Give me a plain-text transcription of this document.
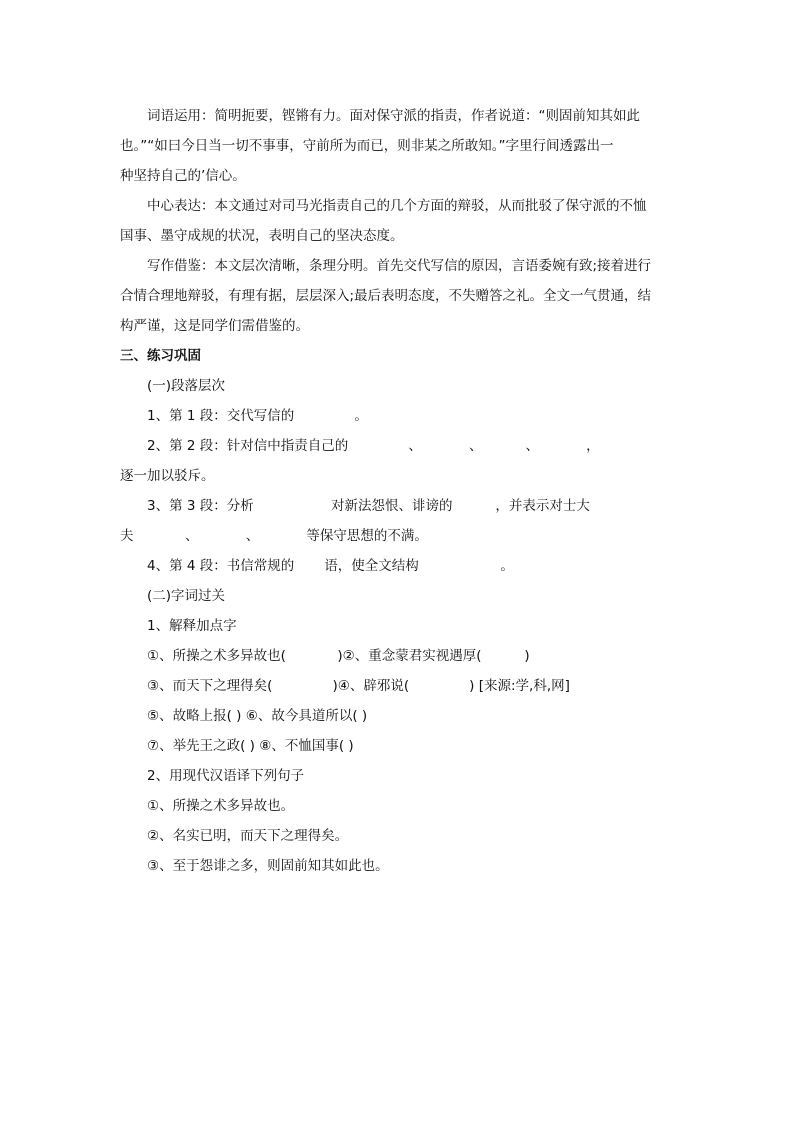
词语运用：简明扼要，铿锵有力。面对保守派的指责，作者说道：“则固前知其如此
也。”“如曰今日当一切不事事，守前所为而已，则非某之所敢知。”字里行间透露出一
种坚持自己的’信心。
中心表达：本文通过对司马光指责自己的几个方面的辩驳，从而批驳了保守派的不恤
国事、墨守成规的状况，表明自己的坚决态度。
写作借鉴：本文层次清晰，条理分明。首先交代写信的原因，言语委婉有致;接着进行
合情合理地辩驳，有理有据，层层深入;最后表明态度，不失赠答之礼。全文一气贯通，结
构严谨，这是同学们需借鉴的。
三、练习巩固
(一)段落层次
1、第 1 段：交代写信的              。
2、第 2 段：针对信中指责自己的              、           、          、           ，
逐一加以驳斥。
3、第 3 段：分析                  对新法怨恨、诽谤的          ，并表示对士大
夫            、           、           等保守思想的不满。
4、第 4 段：书信常规的       语，使全文结构                   。
(二)字词过关
1、解释加点字
①、所操之术多异故也(            )②、重念蒙君实视遇厚(          )
③、而天下之理得矣(              )④、辟邪说(              ) [来源:学,科,网]
⑤、故略上报( ) ⑥、故今具道所以( )
⑦、举先王之政( ) ⑧、不恤国事( )
2、用现代汉语译下列句子
①、所操之术多异故也。
②、名实已明，而天下之理得矣。
③、至于怨诽之多，则固前知其如此也。
